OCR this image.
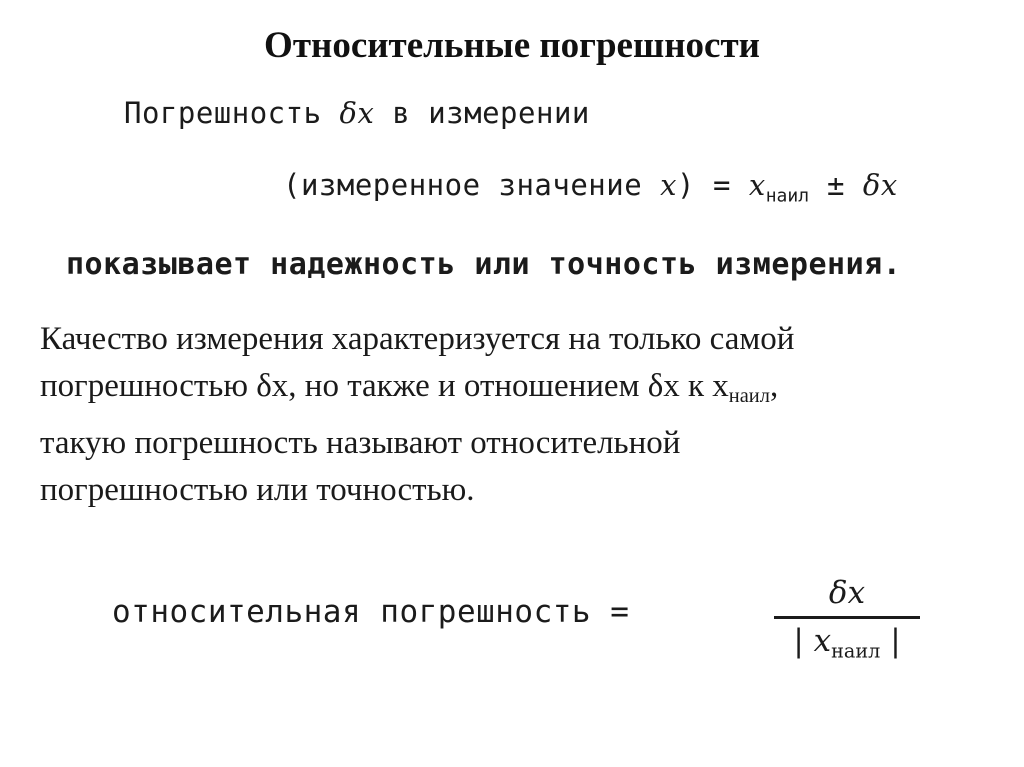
Относительные погрешности
Погрешность δx в измерении
(измеренное значение $x) = x_{наил} \pm \delta x$
показывает надежность или точность измерения.

Качество измерения характеризуется на только самой

погрешностью δx, но также и отношением δx к $x_{наил}$,

такую погрешность называют относительной

погрешностью или точностью.

относительная погрешность =
δx
| $x_{наил}$ |
